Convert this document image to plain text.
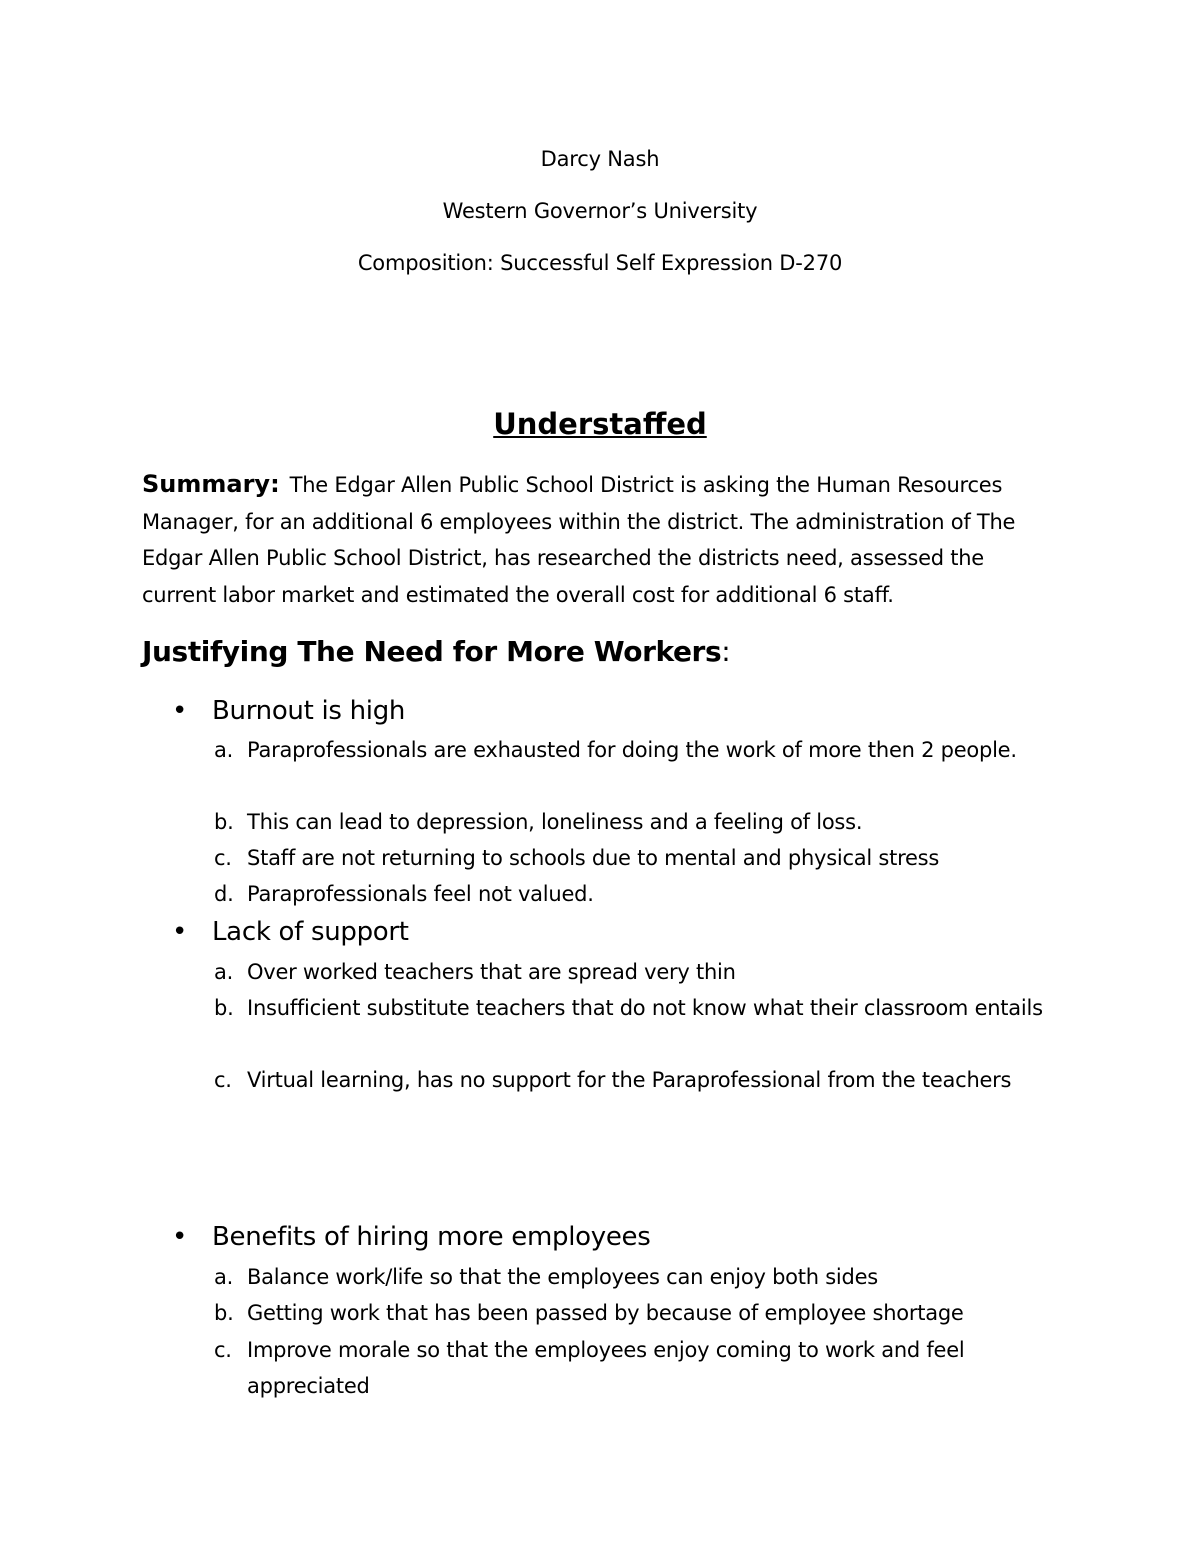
Darcy Nash
Western Governor’s University
Composition: Successful Self Expression D-270
Understaffed
Summary: The Edgar Allen Public School District is asking the Human Resources Manager, for an additional 6 employees within the district. The administration of The Edgar Allen Public School District, has researched the districts need, assessed the current labor market and estimated the overall cost for additional 6 staff.
Justifying The Need for More Workers:
• Burnout is high
a. Paraprofessionals are exhausted for doing the work of more then 2 people.
b. This can lead to depression, loneliness and a feeling of loss.
c. Staff are not returning to schools due to mental and physical stress
d. Paraprofessionals feel not valued.
• Lack of support
a. Over worked teachers that are spread very thin
b. Insufficient substitute teachers that do not know what their classroom entails
c. Virtual learning, has no support for the Paraprofessional from the teachers
• Benefits of hiring more employees
a. Balance work/life so that the employees can enjoy both sides
b. Getting work that has been passed by because of employee shortage
c. Improve morale so that the employees enjoy coming to work and feel appreciated
